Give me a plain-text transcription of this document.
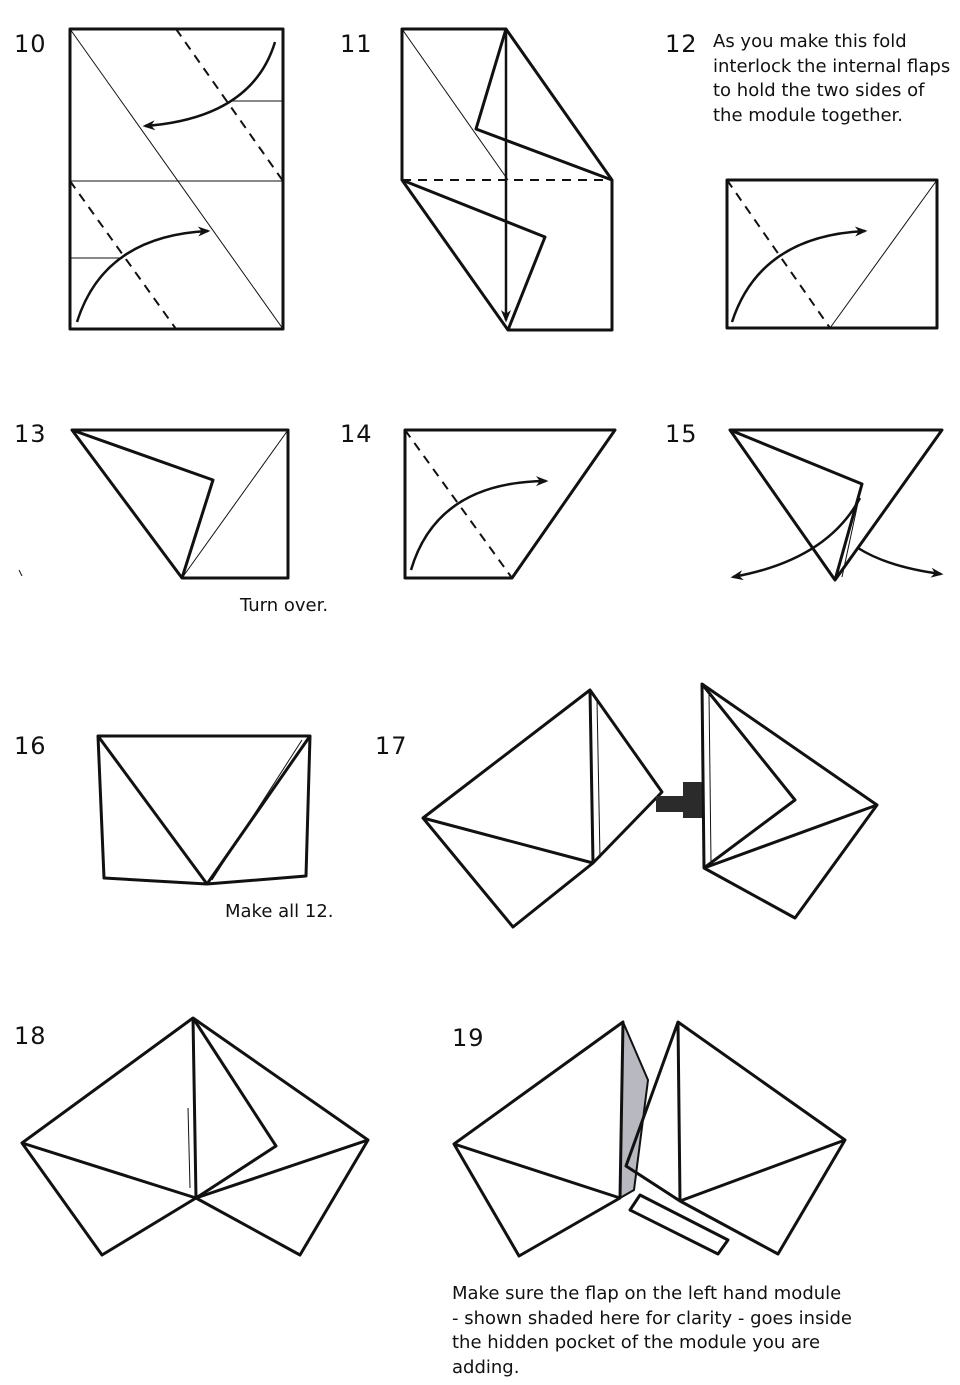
10	11	12
13	14	15
16	17
18	19
As you make this fold
interlock the internal flaps
to hold the two sides of
the module together.
Turn over.
Make all 12.
Make sure the flap on the left hand module
- shown shaded here for clarity - goes inside
the hidden pocket of the module you are
adding.
